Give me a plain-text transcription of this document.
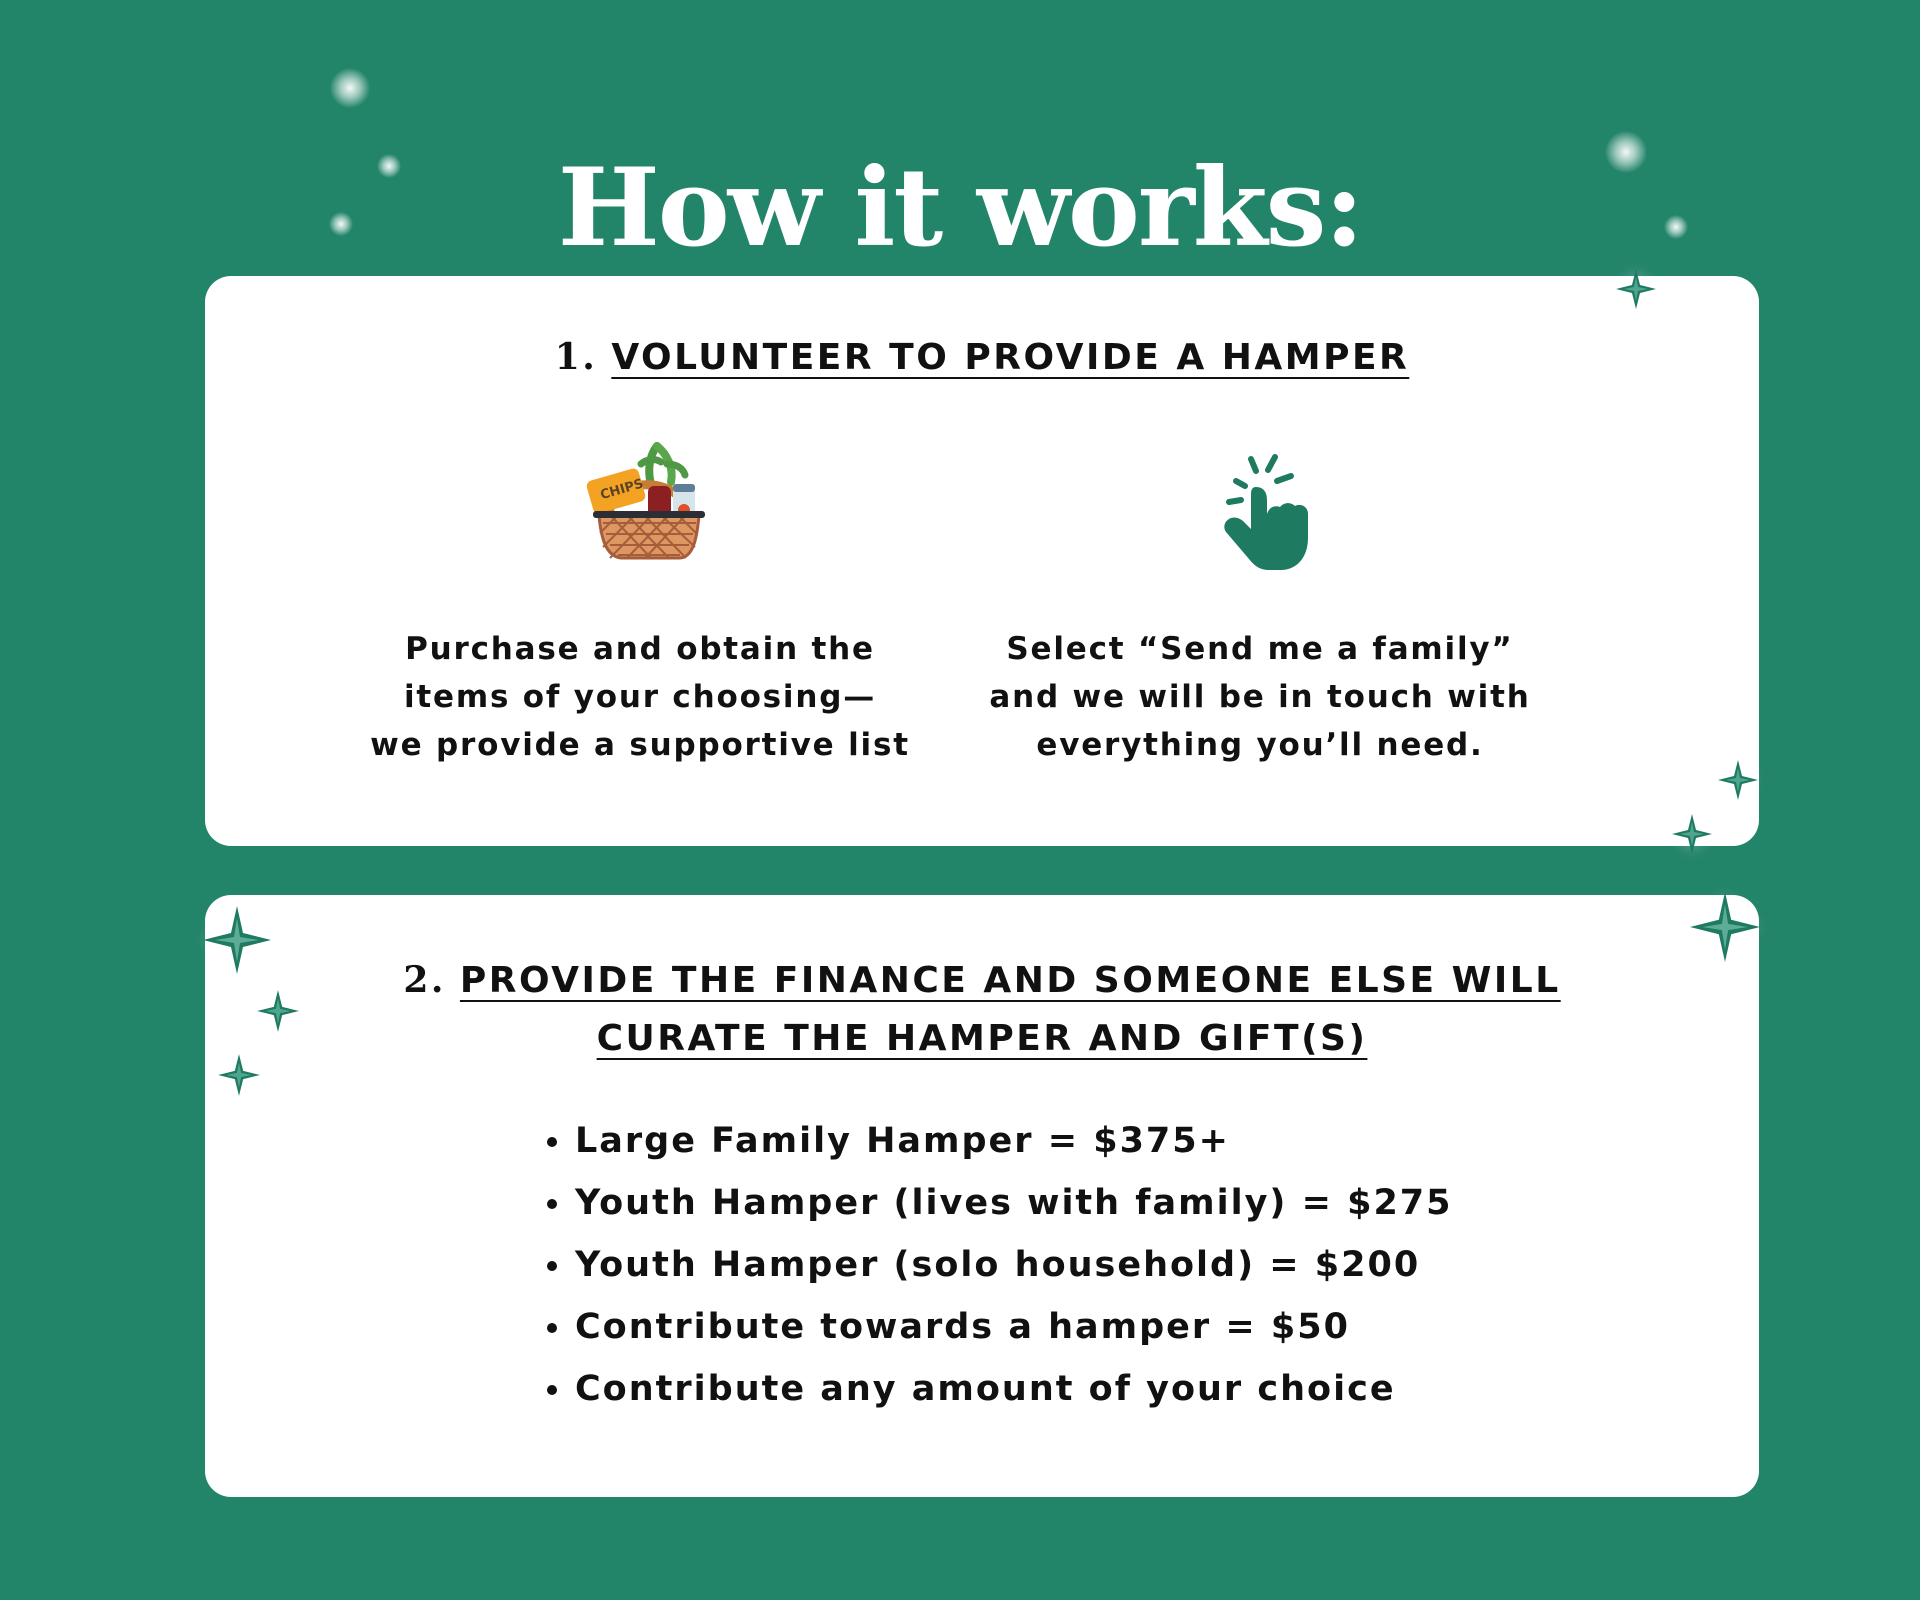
How it works:
1. VOLUNTEER TO PROVIDE A HAMPER
CHIPS
Purchase and obtain the
items of your choosing—
we provide a supportive list
Select “Send me a family”
and we will be in touch with
everything you’ll need.
2. PROVIDE THE FINANCE AND SOMEONE ELSE WILL
CURATE THE HAMPER AND GIFT(S)
Large Family Hamper = $375+
Youth Hamper (lives with family) = $275
Youth Hamper (solo household) = $200
Contribute towards a hamper = $50
Contribute any amount of your choice
